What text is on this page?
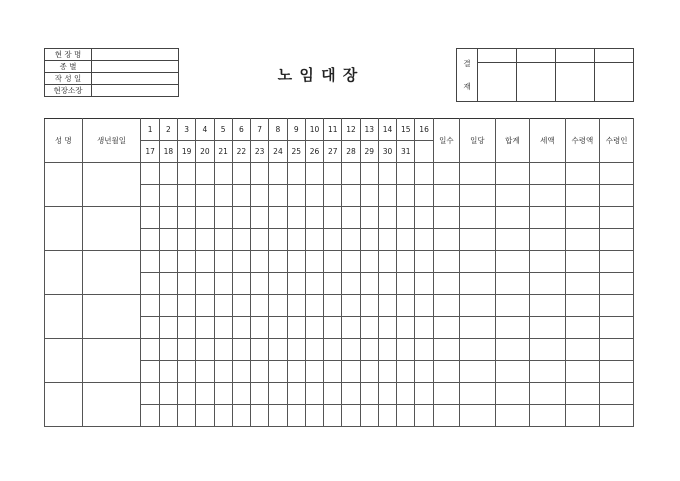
현 장 명	
종 별	
작 성 일	
현장소장	
노 임 대 장
결
재				

성 명	생년월일	1	2	3	4	5	6	7	8	9	10	11	12	13	14	15	16	일수	일당	합계	세액	수령액	수령인
		17	18	19	20	21	22	23	24	25	26	27	28	29	30	31							
